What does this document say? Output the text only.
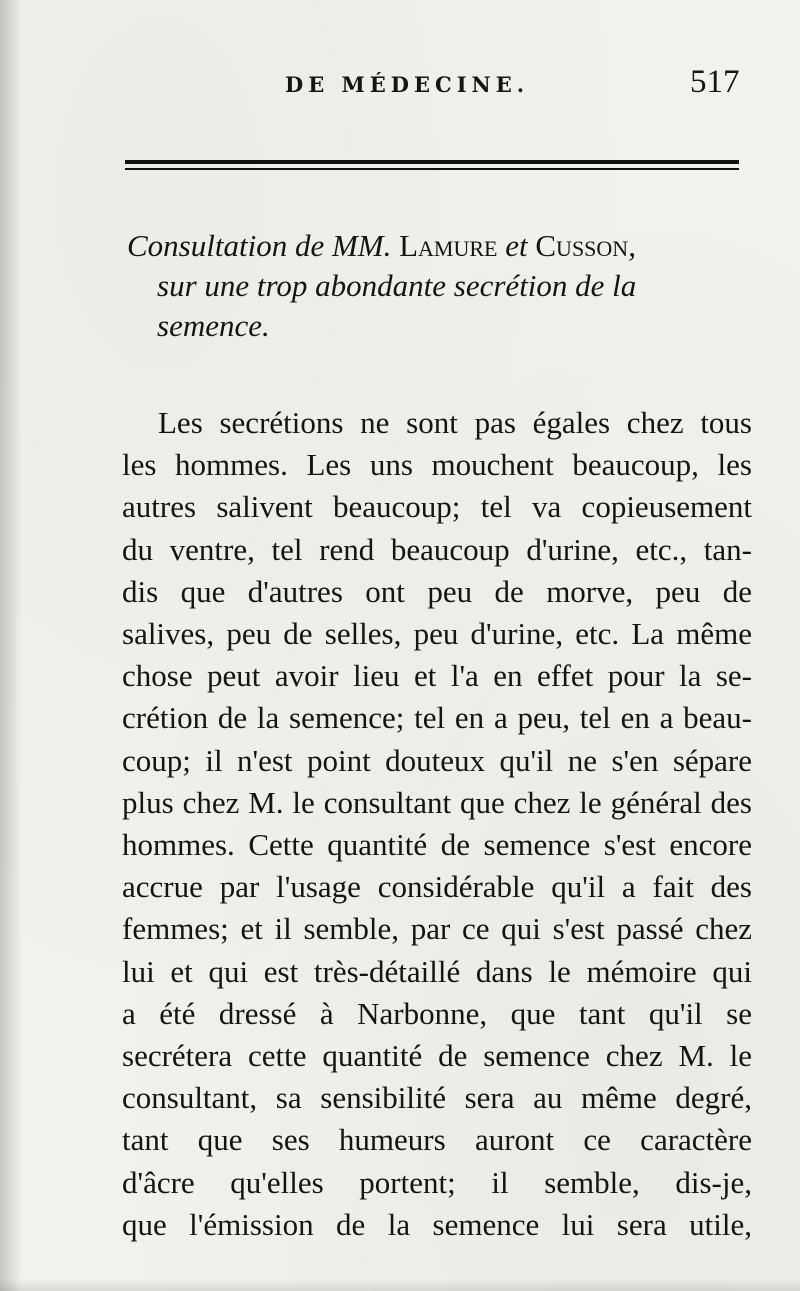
DE MÉDECINE.	517
Consultation de MM. Lamure et Cusson,
sur une trop abondante secrétion de la
semence.
Les secrétions ne sont pas égales chez tous
les hommes. Les uns mouchent beaucoup, les
autres salivent beaucoup; tel va copieusement
du ventre, tel rend beaucoup d'urine, etc., tan-
dis que d'autres ont peu de morve, peu de
salives, peu de selles, peu d'urine, etc. La même
chose peut avoir lieu et l'a en effet pour la se-
crétion de la semence; tel en a peu, tel en a beau-
coup; il n'est point douteux qu'il ne s'en sépare
plus chez M. le consultant que chez le général des
hommes. Cette quantité de semence s'est encore
accrue par l'usage considérable qu'il a fait des
femmes; et il semble, par ce qui s'est passé chez
lui et qui est très-détaillé dans le mémoire qui
a été dressé à Narbonne, que tant qu'il se
secrétera cette quantité de semence chez M. le
consultant, sa sensibilité sera au même degré,
tant que ses humeurs auront ce caractère
d'âcre qu'elles portent; il semble, dis-je,
que l'émission de la semence lui sera utile,
